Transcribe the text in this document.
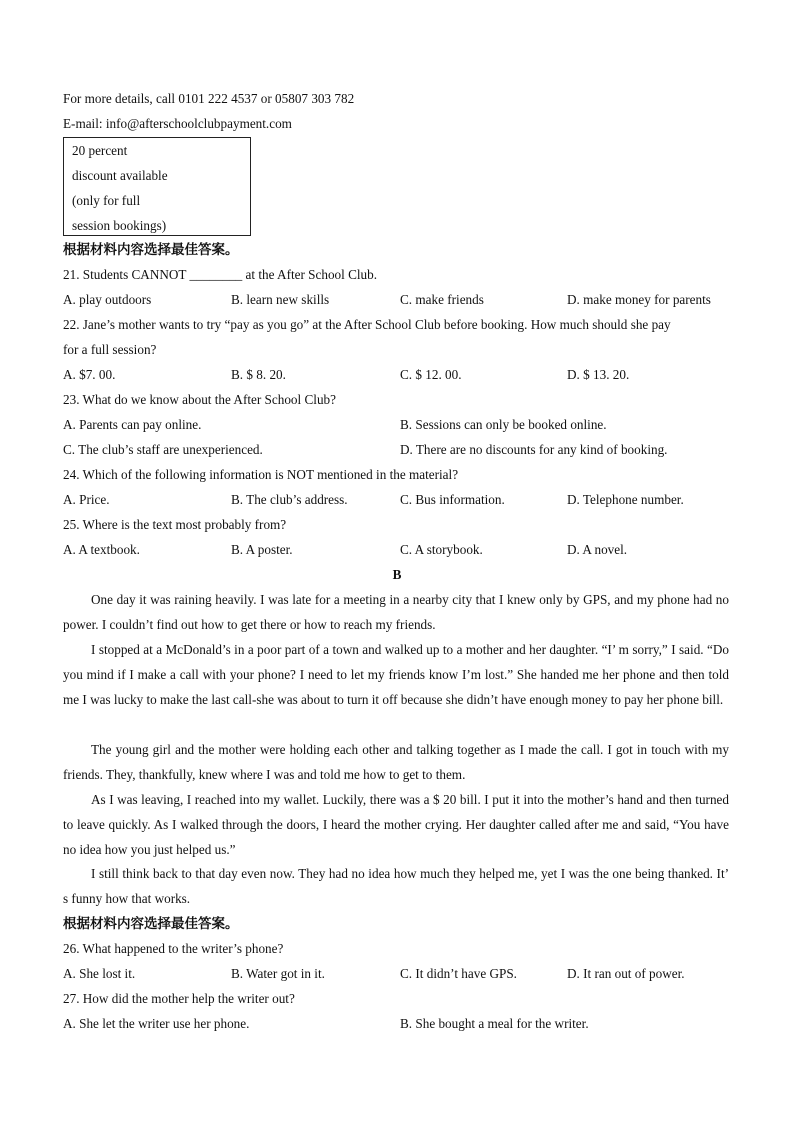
For more details, call 0101 222 4537 or 05807 303 782
E-mail: info@afterschoolclubpayment.com
20 percent
discount available
(only for full
session bookings)
根据材料内容选择最佳答案。
21. Students CANNOT ________ at the After School Club.
A. play outdoors	B. learn new skills	C. make friends	D. make money for parents
22. Jane’s mother wants to try “pay as you go” at the After School Club before booking. How much should she pay
for a full session?
A. $7. 00.	B. $ 8. 20.	C. $ 12. 00.	D. $ 13. 20.
23. What do we know about the After School Club?
A. Parents can pay online.	B. Sessions can only be booked online.
C. The club’s staff are unexperienced.	D. There are no discounts for any kind of booking.
24. Which of the following information is NOT mentioned in the material?
A. Price.	B. The club’s address.	C. Bus information.	D. Telephone number.
25. Where is the text most probably from?
A. A textbook.	B. A poster.	C. A storybook.	D. A novel.
B
One day it was raining heavily. I was late for a meeting in a nearby city that I knew only by GPS, and my phone had no power. I couldn’t find out how to get there or how to reach my friends.
I stopped at a McDonald’s in a poor part of a town and walked up to a mother and her daughter. “I’ m sorry,” I said. “Do you mind if I make a call with your phone? I need to let my friends know I’m lost.” She handed me her phone and then told me I was lucky to make the last call-she was about to turn it off because she didn’t have enough money to pay her phone bill.
The young girl and the mother were holding each other and talking together as I made the call. I got in touch with my friends. They, thankfully, knew where I was and told me how to get to them.
As I was leaving, I reached into my wallet. Luckily, there was a $ 20 bill. I put it into the mother’s hand and then turned to leave quickly. As I walked through the doors, I heard the mother crying. Her daughter called after me and said, “You have no idea how you just helped us.”
I still think back to that day even now. They had no idea how much they helped me, yet I was the one being thanked. It’ s funny how that works.
根据材料内容选择最佳答案。
26. What happened to the writer’s phone?
A. She lost it.	B. Water got in it.	C. It didn’t have GPS.	D. It ran out of power.
27. How did the mother help the writer out?
A. She let the writer use her phone.	B. She bought a meal for the writer.
